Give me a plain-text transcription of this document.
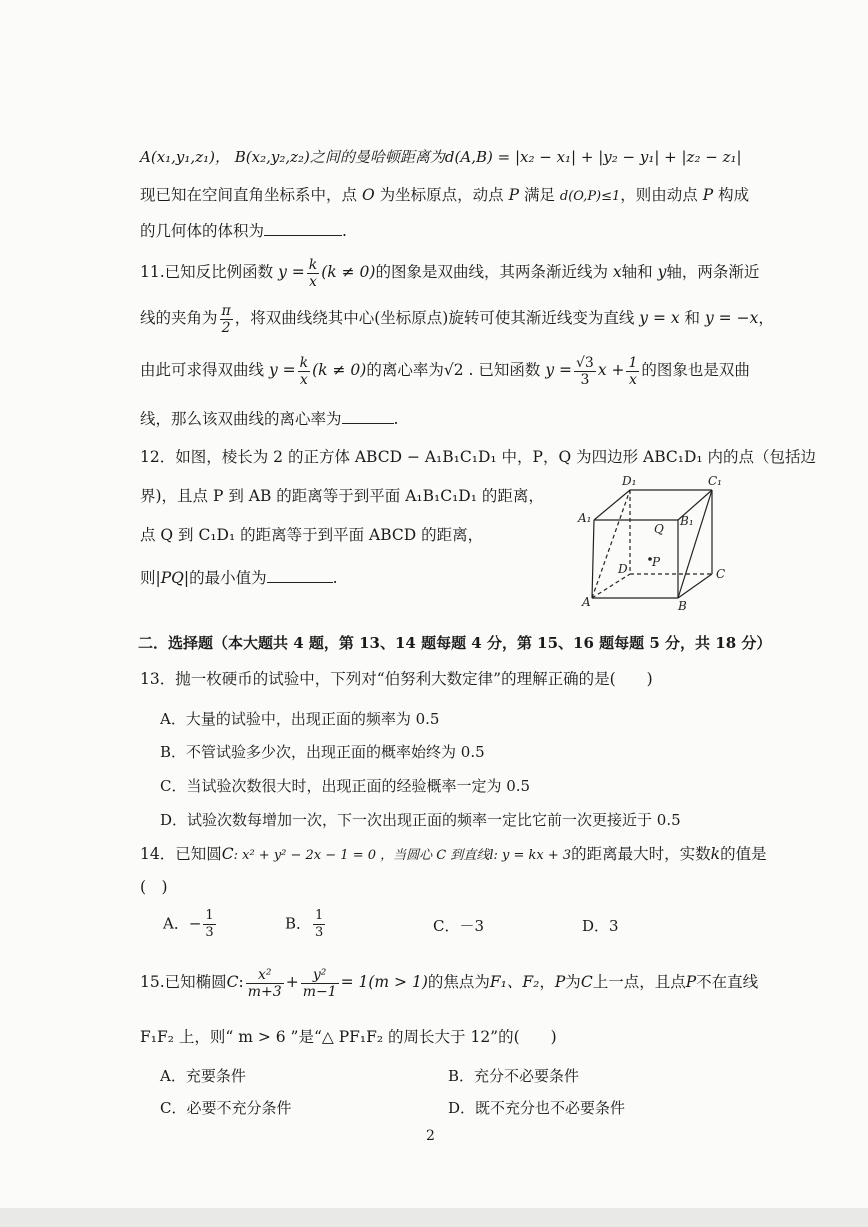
A(x₁,y₁,z₁)， B(x₂,y₂,z₂)之间的曼哈顿距离为d(A,B) = |x₂ − x₁| + |y₂ − y₁| + |z₂ − z₁|
现已知在空间直角坐标系中，点 O 为坐标原点，动点 P 满足 d(O,P)≤1，则由动点 P 构成
的几何体的体积为	.
11.已知反比例函数 $y = \frac{k}{x} (k \ne 0)$的图象是双曲线，其两条渐近线为 x轴和 y轴，两条渐近
线的夹角为 $\frac{\pi}{2}$ ，将双曲线绕其中心(坐标原点)旋转可使其渐近线变为直线 y = x 和 y = −x，
由此可求得双曲线 $y = \frac{k}{x} (k \ne 0)$的离心率为√2 . 已知函数 $y = \frac{√3}{3}$ $x + \frac{1}{x}$ 的图象也是双曲
线，那么该双曲线的离心率为	.
12．如图，棱长为 2 的正方体 ABCD − A₁B₁C₁D₁ 中，P，Q 为四边形 ABC₁D₁ 内的点（包括边
界)，且点 P 到 AB 的距离等于到平面 A₁B₁C₁D₁ 的距离，
点 Q 到 C₁D₁ 的距离等于到平面 ABCD 的距离，
则|PQ|的最小值为	.
D₁	C₁
A₁	B₁
Q
P
D	C
A	B
二．选择题（本大题共 4 题，第 13、14 题每题 4 分，第 15、16 题每题 5 分，共 18 分）
13．抛一枚硬币的试验中，下列对“伯努利大数定律”的理解正确的是(　　)
A．大量的试验中，出现正面的频率为 0.5
B．不管试验多少次，出现正面的概率始终为 0.5
C．当试验次数很大时，出现正面的经验概率一定为 0.5
D．试验次数每增加一次，下一次出现正面的频率一定比它前一次更接近于 0.5
14．已知圆C: x² + y² − 2x − 1 = 0 ，当圆心 C 到直线l: y = kx + 3的距离最大时，实数k的值是
(　)
A．− $\frac{1}{3}$	B． $\frac{1}{3}$	C．－3	D．3
15.已知椭圆C: $\frac{\text{x²}}{m+3} + \frac{\text{y²}}{m-1} = 1(m > 1)$的焦点为F₁、F₂，P为C上一点，且点P不在直线
F₁F₂ 上，则“ m > 6 ”是“△ PF₁F₂ 的周长大于 12”的(　　)
A．充要条件	B．充分不必要条件
C．必要不充分条件	D．既不充分也不必要条件
2
